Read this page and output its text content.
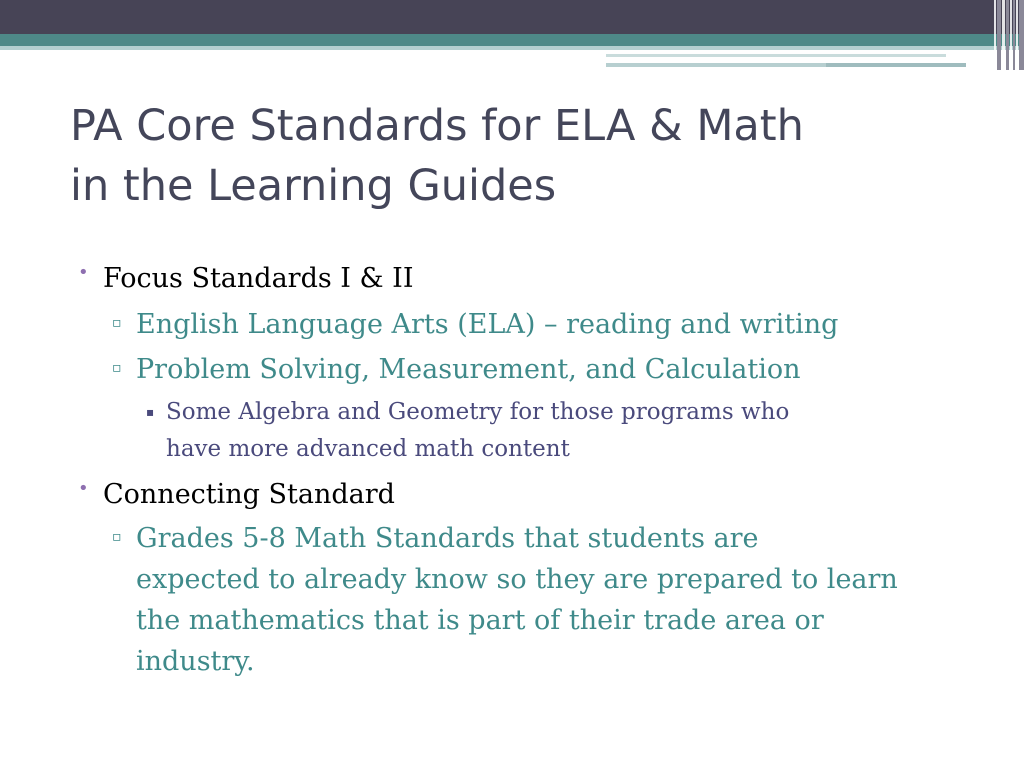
PA Core Standards for ELA & Math
in the Learning Guides
• Focus Standards I & II
▫ English Language Arts (ELA) – reading and writing
▫ Problem Solving, Measurement, and Calculation
▪ Some Algebra and Geometry for those programs who
have more advanced math content
• Connecting Standard
▫ Grades 5-8 Math Standards that students are
expected to already know so they are prepared to learn
the mathematics that is part of their trade area or
industry.
